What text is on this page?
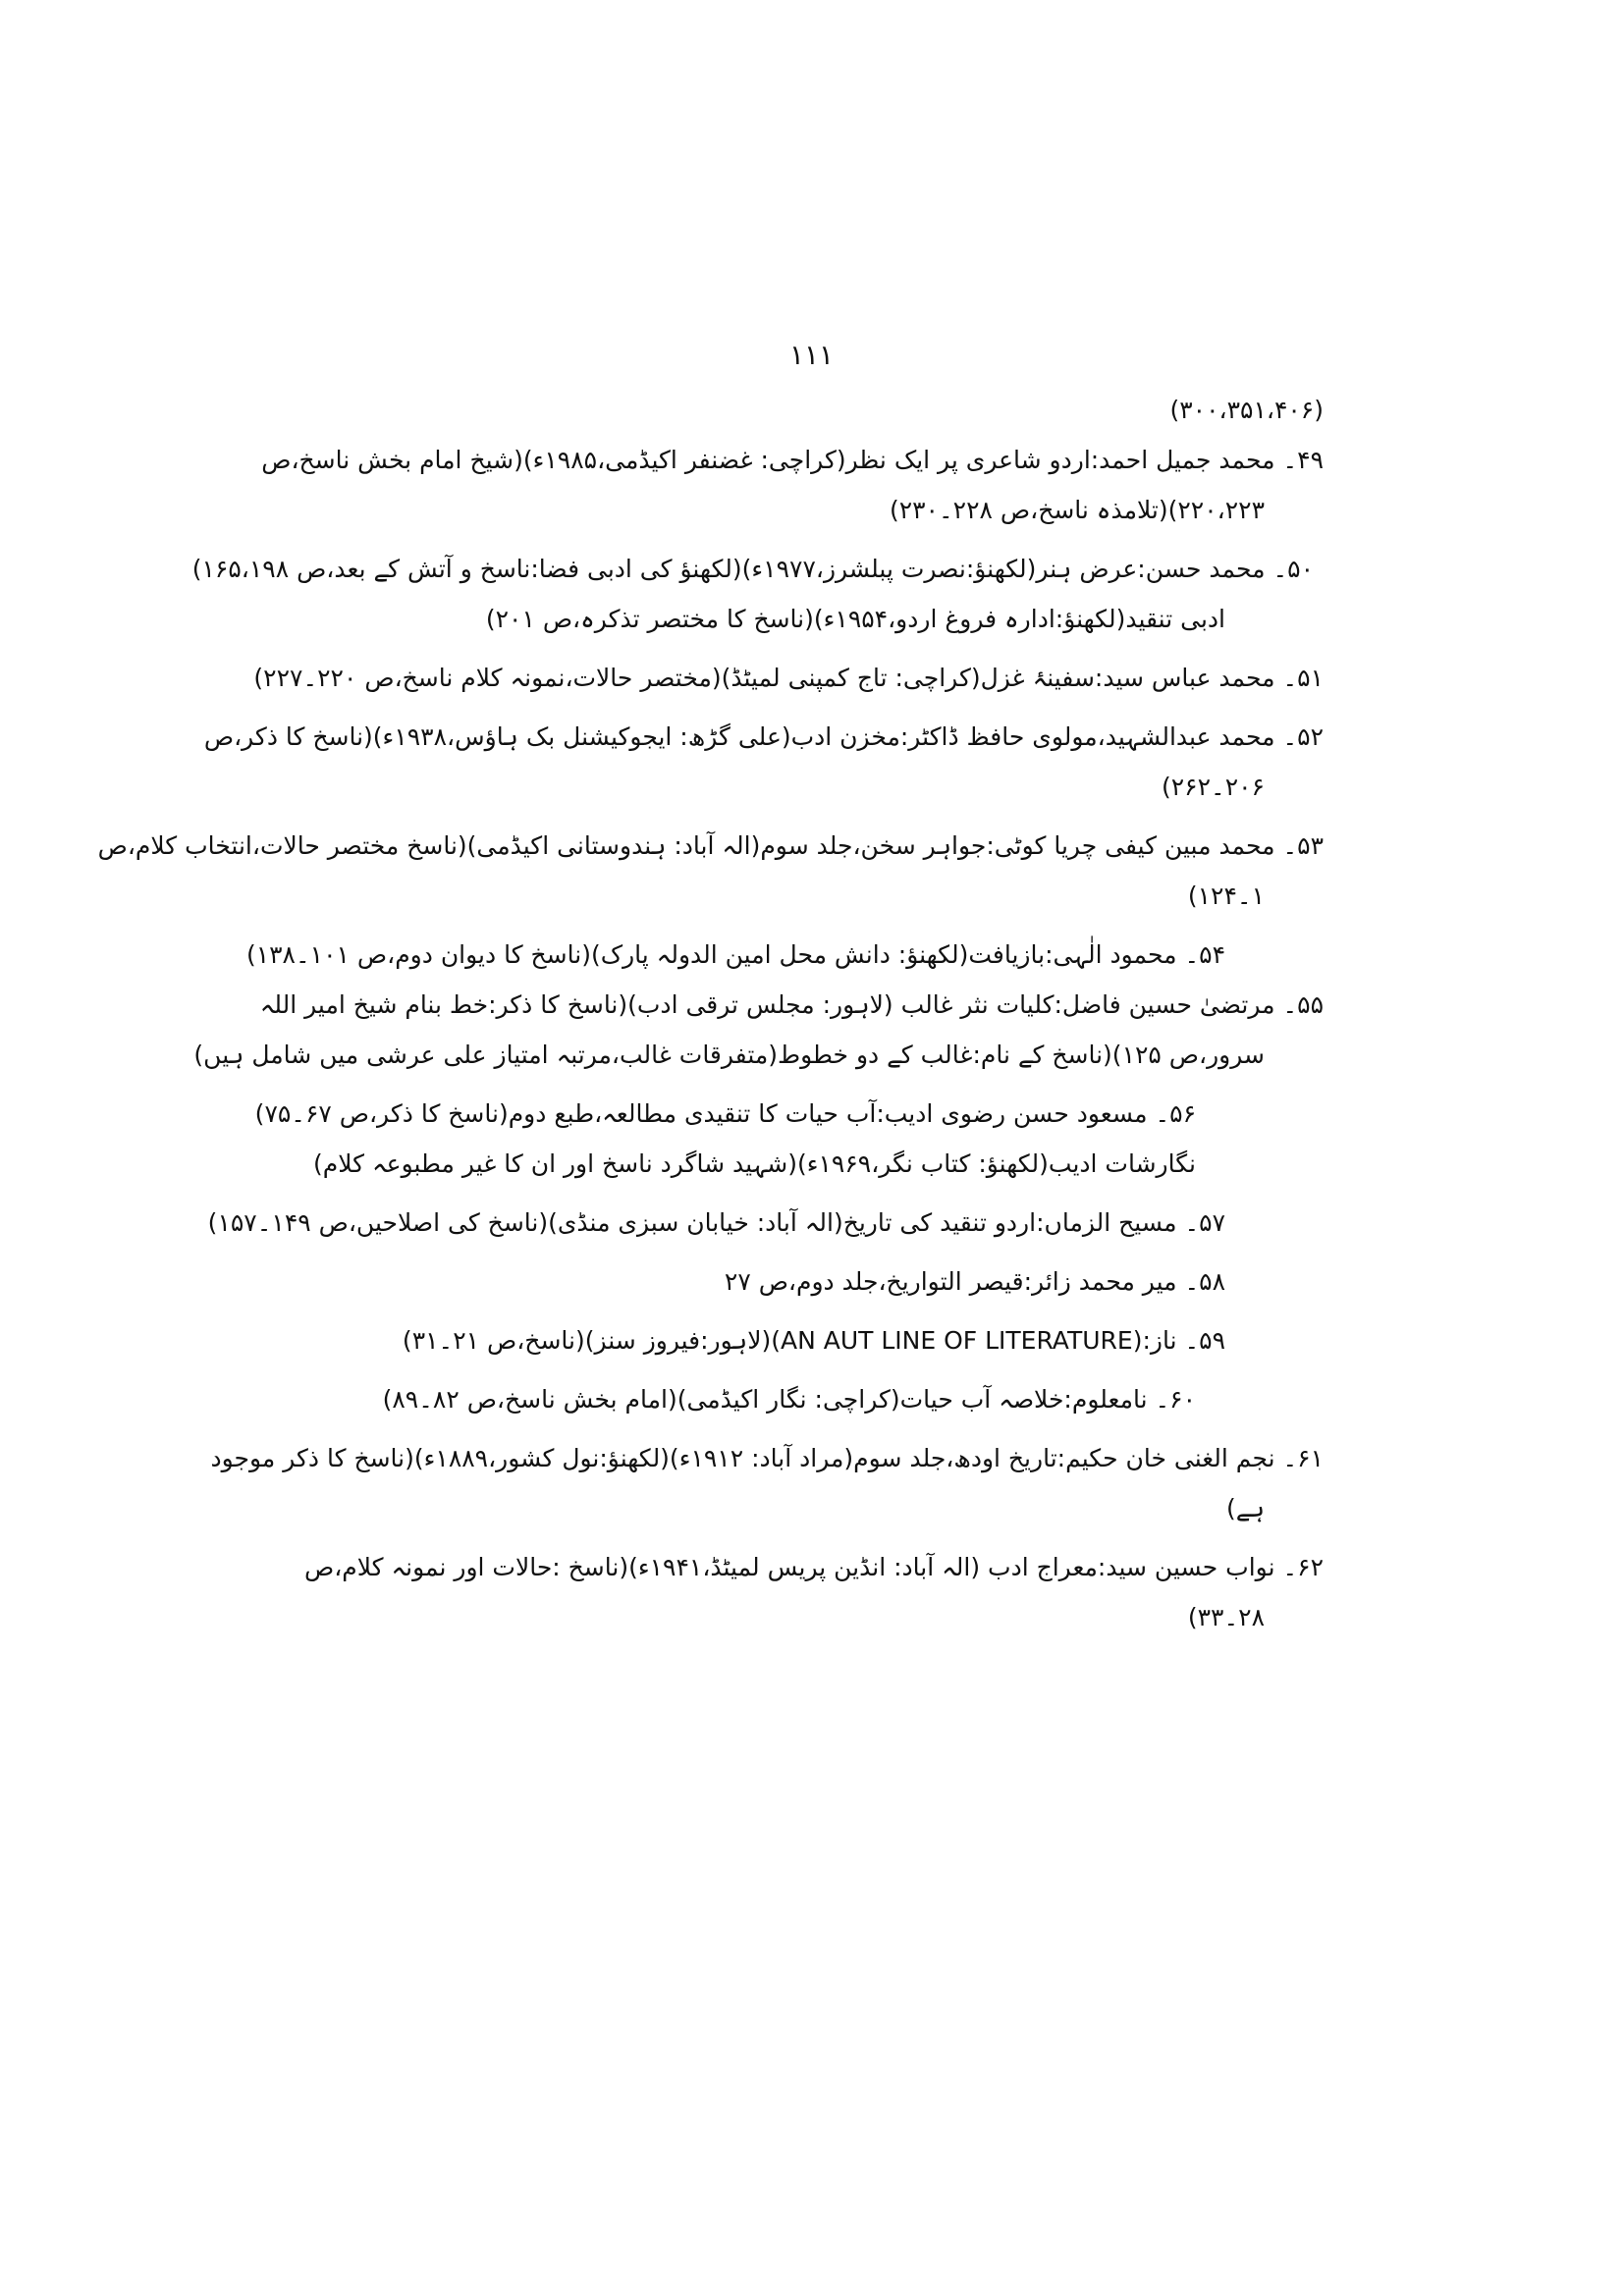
۱۱۱
(۳۰۰،۳۵۱،۴۰۶)
۴۹۔ محمد جمیل احمد:اردو شاعری پر ایک نظر(کراچی: غضنفر اکیڈمی،۱۹۸۵ء)(شیخ امام بخش ناسخ،ص
۲۲۰،۲۲۳)(تلامذہ ناسخ،ص ۲۲۸۔۲۳۰)
۵۰۔ محمد حسن:عرض ہنر(لکھنؤ:نصرت پبلشرز،۱۹۷۷ء)(لکھنؤ کی ادبی فضا:ناسخ و آتش کے بعد،ص ۱۶۵،۱۹۸)
ادبی تنقید(لکھنؤ:ادارہ فروغ اردو،۱۹۵۴ء)(ناسخ کا مختصر تذکرہ،ص ۲۰۱)
۵۱۔ محمد عباس سید:سفینۂ غزل(کراچی: تاج کمپنی لمیٹڈ)(مختصر حالات،نمونہ کلام ناسخ،ص ۲۲۰۔۲۲۷)
۵۲۔ محمد عبدالشہید،مولوی حافظ ڈاکٹر:مخزن ادب(علی گڑھ: ایجوکیشنل بک ہاؤس،۱۹۳۸ء)(ناسخ کا ذکر،ص
۲۰۶۔۲۶۲)
۵۳۔ محمد مبین کیفی چریا کوٹی:جواہر سخن،جلد سوم(الہ آباد: ہندوستانی اکیڈمی)(ناسخ مختصر حالات،انتخاب کلام،ص
۱۔۱۲۴)
۵۴۔ محمود الٰہی:بازیافت(لکھنؤ: دانش محل امین الدولہ پارک)(ناسخ کا دیوان دوم،ص ۱۰۱۔۱۳۸)
۵۵۔ مرتضیٰ حسین فاضل:کلیات نثر غالب (لاہور: مجلس ترقی ادب)(ناسخ کا ذکر:خط بنام شیخ امیر اللہ
سرور،ص ۱۲۵)(ناسخ کے نام:غالب کے دو خطوط(متفرقات غالب،مرتبہ امتیاز علی عرشی میں شامل ہیں)
۵۶۔ مسعود حسن رضوی ادیب:آب حیات کا تنقیدی مطالعہ،طبع دوم(ناسخ کا ذکر،ص ۶۷۔۷۵)
نگارشات ادیب(لکھنؤ: کتاب نگر،۱۹۶۹ء)(شہید شاگرد ناسخ اور ان کا غیر مطبوعہ کلام)
۵۷۔ مسیح الزماں:اردو تنقید کی تاریخ(الہ آباد: خیابان سبزی منڈی)(ناسخ کی اصلاحیں،ص ۱۴۹۔۱۵۷)
۵۸۔ میر محمد زائر:قیصر التواریخ،جلد دوم،ص ۲۷
۵۹۔ ناز:(AN AUT LINE OF LITERATURE)(لاہور:فیروز سنز)(ناسخ،ص ۲۱۔۳۱)
۶۰۔ نامعلوم:خلاصہ آب حیات(کراچی: نگار اکیڈمی)(امام بخش ناسخ،ص ۸۲۔۸۹)
۶۱۔ نجم الغنی خان حکیم:تاریخ اودھ،جلد سوم(مراد آباد: ۱۹۱۲ء)(لکھنؤ:نول کشور،۱۸۸۹ء)(ناسخ کا ذکر موجود
ہے)
۶۲۔ نواب حسین سید:معراج ادب (الہ آباد: انڈین پریس لمیٹڈ،۱۹۴۱ء)(ناسخ :حالات اور نمونہ کلام،ص
۲۸۔۳۳)
